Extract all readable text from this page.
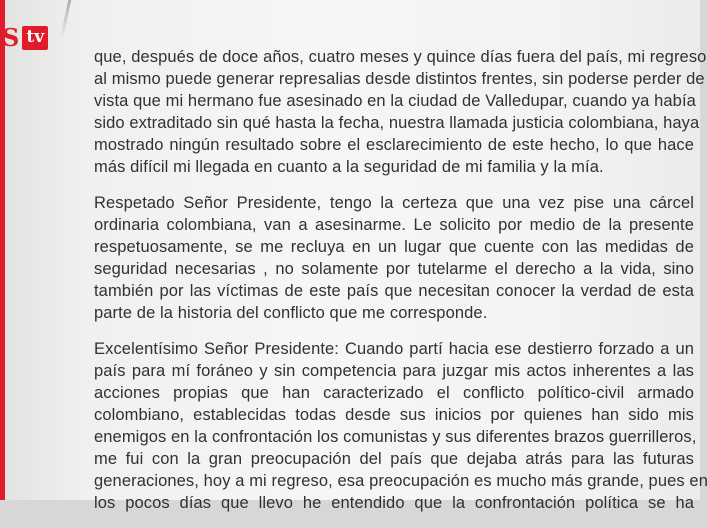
S tv

que, después de doce años, cuatro meses y quince días fuera del país, mi regreso
al mismo puede generar represalias desde distintos frentes, sin poderse perder de
vista que mi hermano fue asesinado en la ciudad de Valledupar, cuando ya había
sido extraditado sin qué hasta la fecha, nuestra llamada justicia colombiana, haya
mostrado ningún resultado sobre el esclarecimiento de este hecho, lo que hace
más difícil mi llegada en cuanto a la seguridad de mi familia y la mía.

Respetado Señor Presidente, tengo la certeza que una vez pise una cárcel
ordinaria colombiana, van a asesinarme. Le solicito por medio de la presente
respetuosamente, se me recluya en un lugar que cuente con las medidas de
seguridad necesarias , no solamente por tutelarme el derecho a la vida, sino
también por las víctimas de este país que necesitan conocer la verdad de esta
parte de la historia del conflicto que me corresponde.

Excelentísimo Señor Presidente: Cuando partí hacia ese destierro forzado a un
país para mí foráneo y sin competencia para juzgar mis actos inherentes a las
acciones propias que han caracterizado el conflicto político-civil armado
colombiano, establecidas todas desde sus inicios por quienes han sido mis
enemigos en la confrontación los comunistas y sus diferentes brazos guerrilleros,
me fui con la gran preocupación del país que dejaba atrás para las futuras
generaciones, hoy a mi regreso, esa preocupación es mucho más grande, pues en
los pocos días que llevo he entendido que la confrontación política se ha
